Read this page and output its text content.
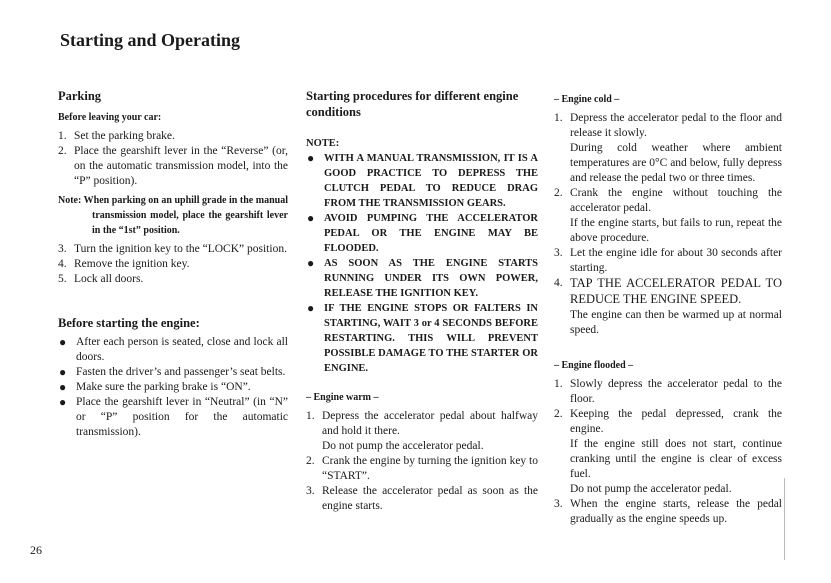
Starting and Operating
Parking
Before leaving your car:
1. Set the parking brake.
2. Place the gearshift lever in the “Reverse” (or, on the automatic transmission model, into the “P” position).
Note: When parking on an uphill grade in the manual transmission model, place the gearshift lever in the “1st” position.
3. Turn the ignition key to the “LOCK” position.
4. Remove the ignition key.
5. Lock all doors.
Before starting the engine:
● After each person is seated, close and lock all doors.
● Fasten the driver’s and passenger’s seat belts.
● Make sure the parking brake is “ON”.
● Place the gearshift lever in “Neutral” (in “N” or “P” position for the automatic transmission).
Starting procedures for different engine conditions
NOTE:
● WITH A MANUAL TRANSMISSION, IT IS A GOOD PRACTICE TO DEPRESS THE CLUTCH PEDAL TO REDUCE DRAG FROM THE TRANSMISSION GEARS.
● AVOID PUMPING THE ACCELERATOR PEDAL OR THE ENGINE MAY BE FLOODED.
● AS SOON AS THE ENGINE STARTS RUNNING UNDER ITS OWN POWER, RELEASE THE IGNITION KEY.
● IF THE ENGINE STOPS OR FALTERS IN STARTING, WAIT 3 or 4 SECONDS BEFORE RESTARTING. THIS WILL PREVENT POSSIBLE DAMAGE TO THE STARTER OR ENGINE.
– Engine warm –
1. Depress the accelerator pedal about halfway and hold it there.
Do not pump the accelerator pedal.
2. Crank the engine by turning the ignition key to “START”.
3. Release the accelerator pedal as soon as the engine starts.
– Engine cold –
1. Depress the accelerator pedal to the floor and release it slowly.
During cold weather where ambient temperatures are 0°C and below, fully depress and release the pedal two or three times.
2. Crank the engine without touching the accelerator pedal.
If the engine starts, but fails to run, repeat the above procedure.
3. Let the engine idle for about 30 seconds after starting.
4. TAP THE ACCELERATOR PEDAL TO REDUCE THE ENGINE SPEED.
The engine can then be warmed up at normal speed.
– Engine flooded –
1. Slowly depress the accelerator pedal to the floor.
2. Keeping the pedal depressed, crank the engine.
If the engine still does not start, continue cranking until the engine is clear of excess fuel.
Do not pump the accelerator pedal.
3. When the engine starts, release the pedal gradually as the engine speeds up.
26
